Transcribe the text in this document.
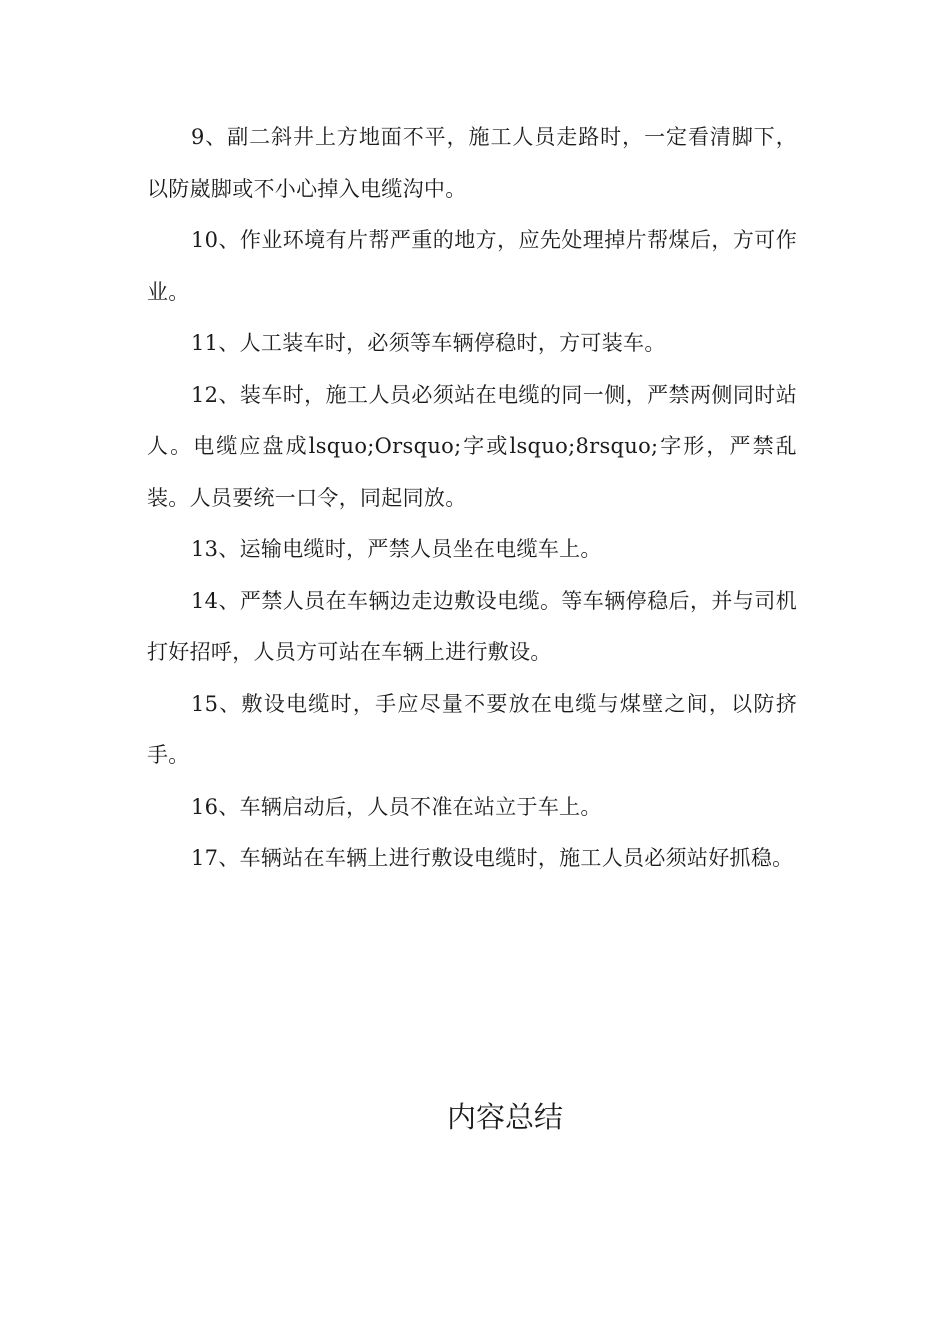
9、副二斜井上方地面不平，施工人员走路时，一定看清脚下，以防崴脚或不小心掉入电缆沟中。

10、作业环境有片帮严重的地方，应先处理掉片帮煤后，方可作业。

11、人工装车时，必须等车辆停稳时，方可装车。

12、装车时，施工人员必须站在电缆的同一侧，严禁两侧同时站人。电缆应盘成lsquo;Orsquo;字或lsquo;8rsquo;字形，严禁乱装。人员要统一口令，同起同放。

13、运输电缆时，严禁人员坐在电缆车上。

14、严禁人员在车辆边走边敷设电缆。等车辆停稳后，并与司机打好招呼，人员方可站在车辆上进行敷设。

15、敷设电缆时，手应尽量不要放在电缆与煤壁之间，以防挤手。

16、车辆启动后，人员不准在站立于车上。

17、车辆站在车辆上进行敷设电缆时，施工人员必须站好抓稳。

内容总结
